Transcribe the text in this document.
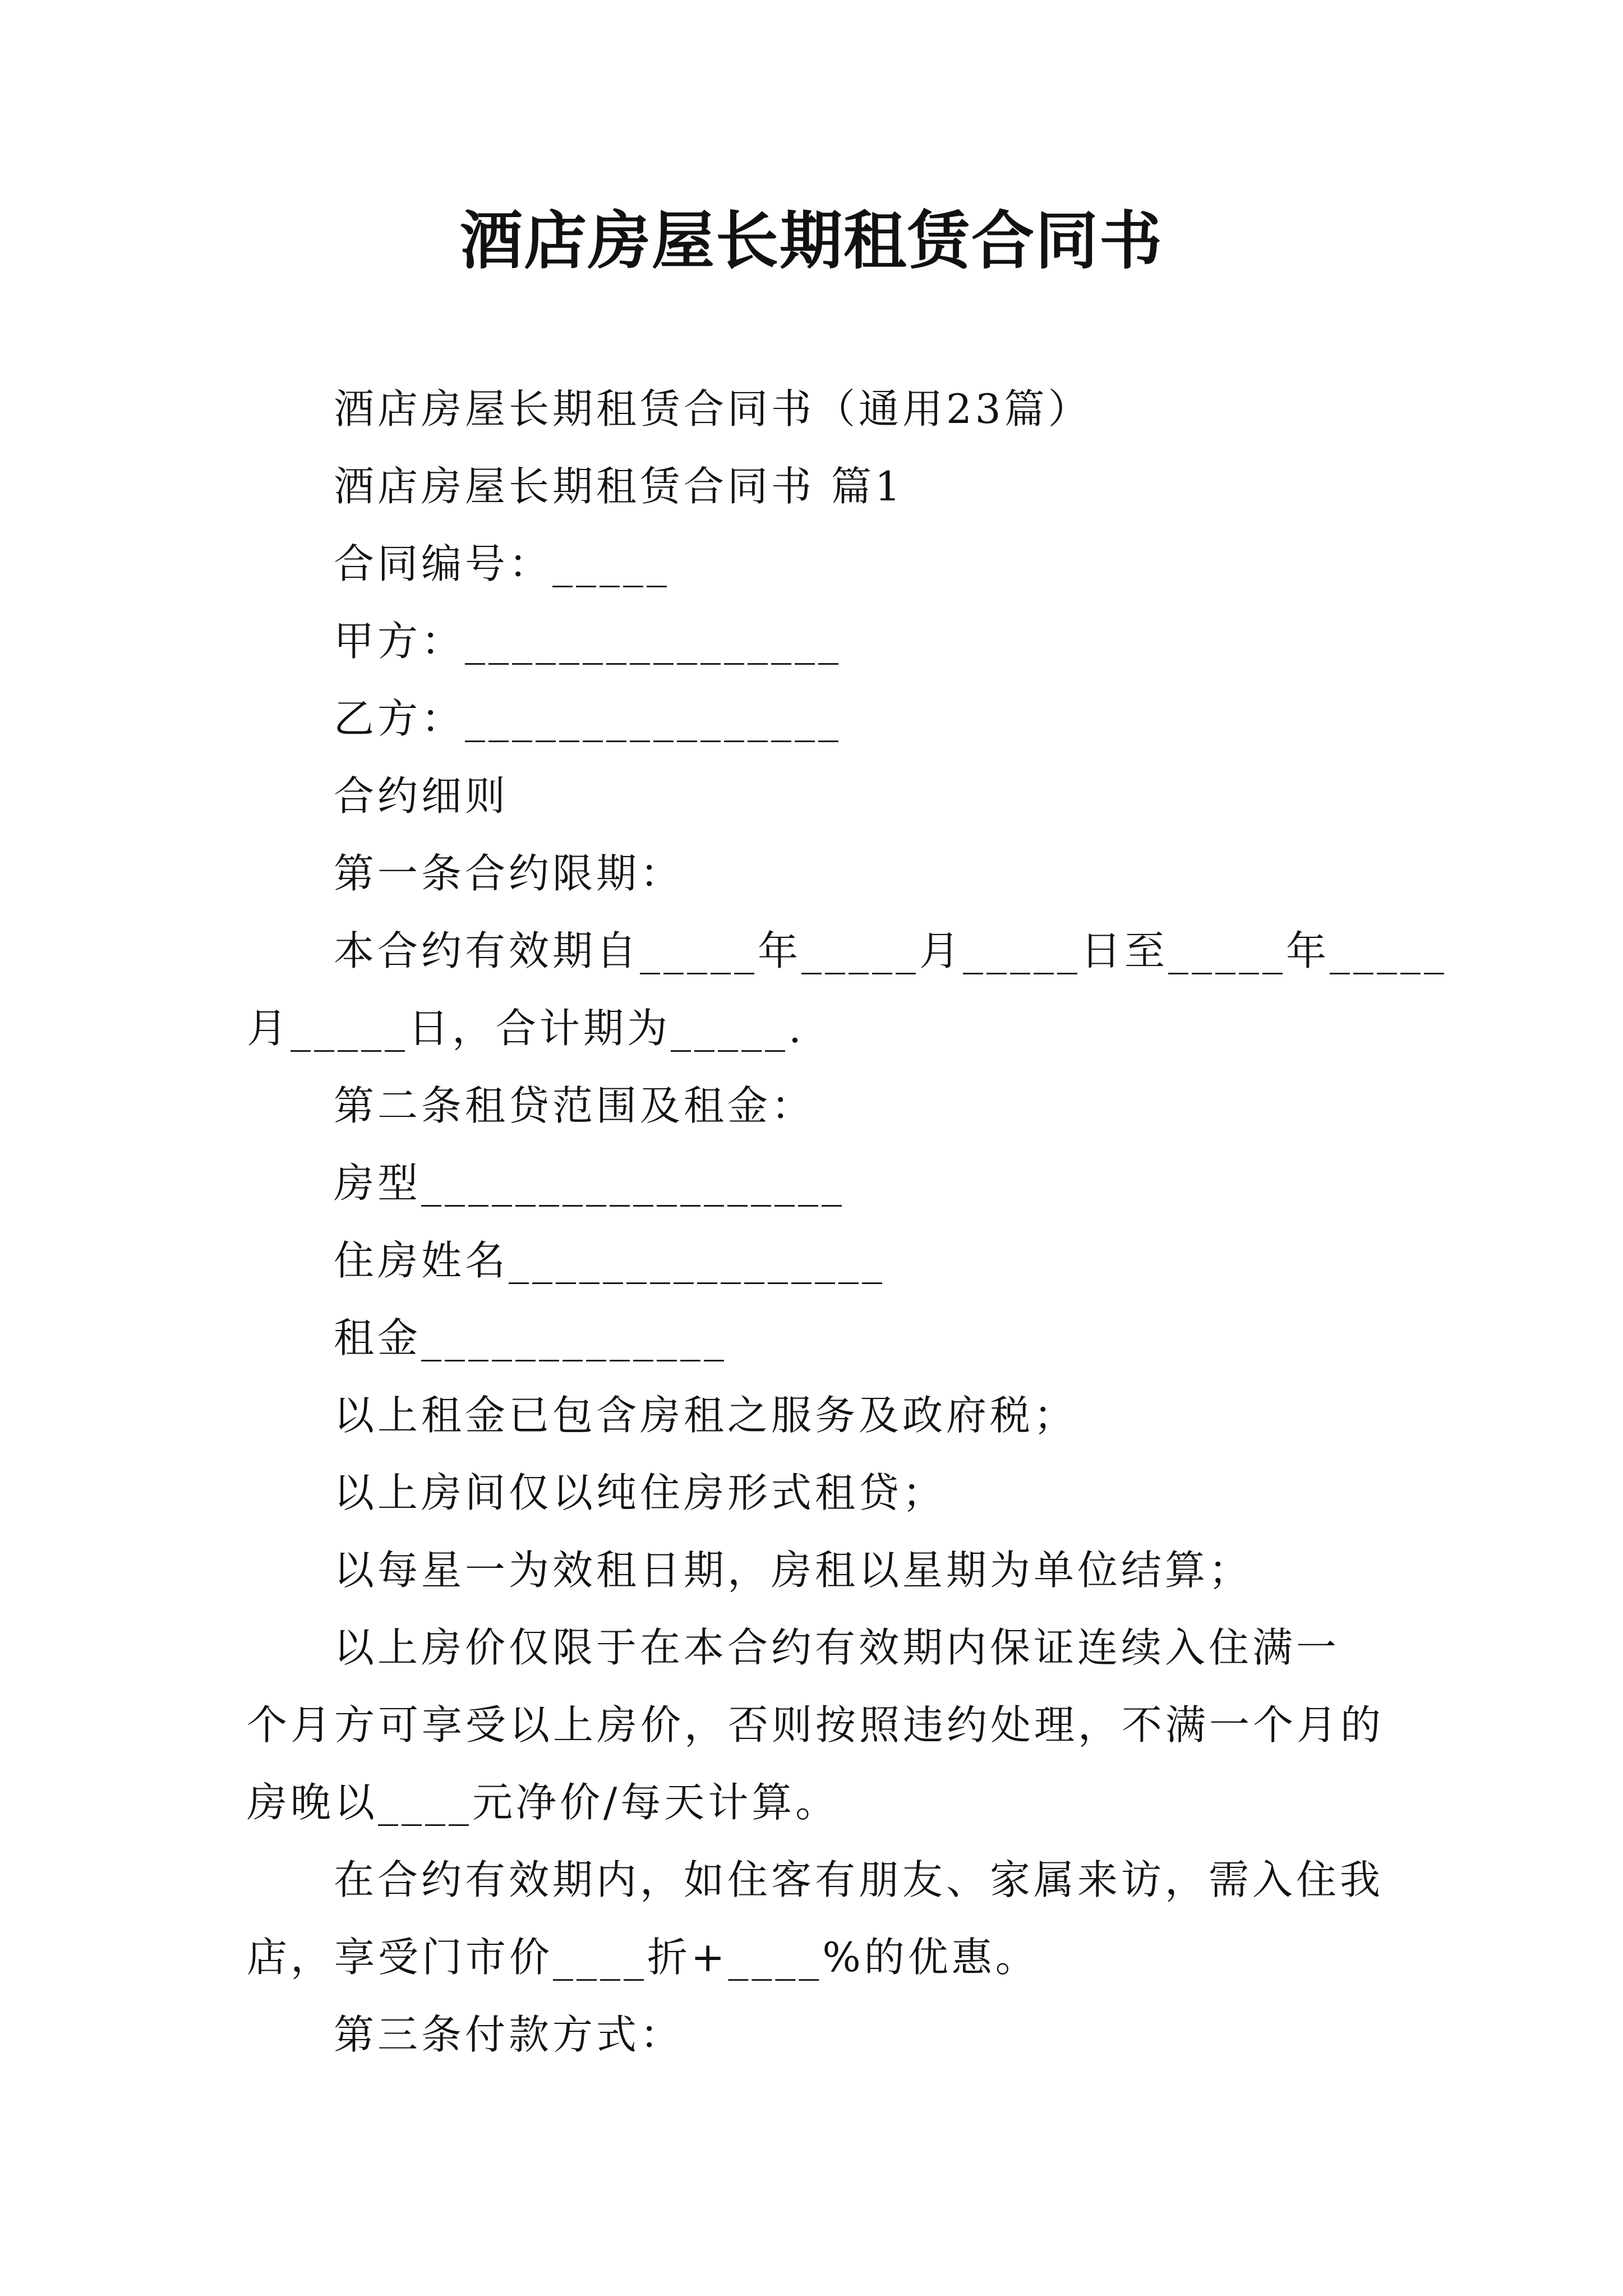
酒店房屋长期租赁合同书
酒店房屋长期租赁合同书（通用23篇）
酒店房屋长期租赁合同书 篇1
合同编号：_____
甲方：________________
乙方：________________
合约细则
第一条合约限期：
本合约有效期自_____年_____月_____日至_____年_____
月_____日，合计期为_____.
第二条租贷范围及租金：
房型__________________
住房姓名________________
租金_____________
以上租金已包含房租之服务及政府税；
以上房间仅以纯住房形式租贷；
以每星一为效租日期，房租以星期为单位结算；
以上房价仅限于在本合约有效期内保证连续入住满一
个月方可享受以上房价，否则按照违约处理，不满一个月的
房晚以____元净价/每天计算。
在合约有效期内，如住客有朋友、家属来访，需入住我
店，享受门市价____折+____%的优惠。
第三条付款方式：
